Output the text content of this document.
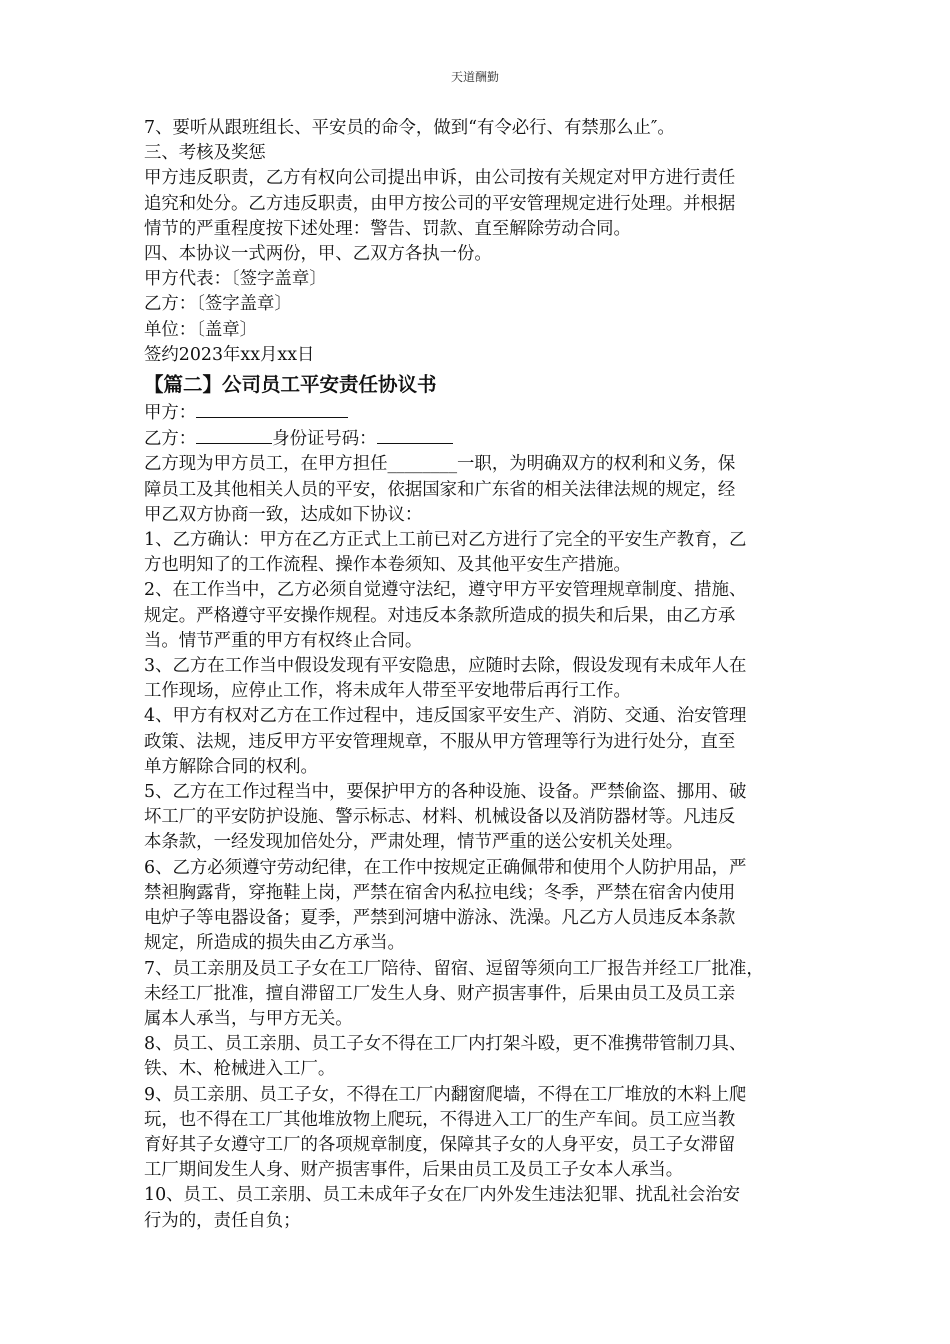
天道酬勤

7、要听从跟班组长、平安员的命令，做到“有令必行、有禁那么止″。

三、考核及奖惩

甲方违反职责，乙方有权向公司提出申诉，由公司按有关规定对甲方进行责任

追究和处分。乙方违反职责，由甲方按公司的平安管理规定进行处理。并根据

情节的严重程度按下述处理：警告、罚款、直至解除劳动合同。

四、本协议一式两份，甲、乙双方各执一份。

甲方代表：〔签字盖章〕

乙方：〔签字盖章〕

单位：〔盖章〕

签约2023年xx月xx日

【篇二】公司员工平安责任协议书

甲方：

乙方：	身份证号码：

乙方现为甲方员工，在甲方担任________一职，为明确双方的权利和义务，保

障员工及其他相关人员的平安，依据国家和广东省的相关法律法规的规定，经

甲乙双方协商一致，达成如下协议：

1、乙方确认：甲方在乙方正式上工前已对乙方进行了完全的平安生产教育，乙

方也明知了的工作流程、操作本卷须知、及其他平安生产措施。

2、在工作当中，乙方必须自觉遵守法纪，遵守甲方平安管理规章制度、措施、

规定。严格遵守平安操作规程。对违反本条款所造成的损失和后果，由乙方承

当。情节严重的甲方有权终止合同。

3、乙方在工作当中假设发现有平安隐患，应随时去除，假设发现有未成年人在

工作现场，应停止工作，将未成年人带至平安地带后再行工作。

4、甲方有权对乙方在工作过程中，违反国家平安生产、消防、交通、治安管理

政策、法规，违反甲方平安管理规章，不服从甲方管理等行为进行处分，直至

单方解除合同的权利。

5、乙方在工作过程当中，要保护甲方的各种设施、设备。严禁偷盗、挪用、破

坏工厂的平安防护设施、警示标志、材料、机械设备以及消防器材等。凡违反

本条款，一经发现加倍处分，严肃处理，情节严重的送公安机关处理。

6、乙方必须遵守劳动纪律，在工作中按规定正确佩带和使用个人防护用品，严

禁袒胸露背，穿拖鞋上岗，严禁在宿舍内私拉电线；冬季，严禁在宿舍内使用

电炉子等电器设备；夏季，严禁到河塘中游泳、洗澡。凡乙方人员违反本条款

规定，所造成的损失由乙方承当。

7、员工亲朋及员工子女在工厂陪待、留宿、逗留等须向工厂报告并经工厂批准，

未经工厂批准，擅自滞留工厂发生人身、财产损害事件，后果由员工及员工亲

属本人承当，与甲方无关。

8、员工、员工亲朋、员工子女不得在工厂内打架斗殴，更不准携带管制刀具、

铁、木、枪械进入工厂。

9、员工亲朋、员工子女，不得在工厂内翻窗爬墙，不得在工厂堆放的木料上爬

玩，也不得在工厂其他堆放物上爬玩，不得进入工厂的生产车间。员工应当教

育好其子女遵守工厂的各项规章制度，保障其子女的人身平安，员工子女滞留

工厂期间发生人身、财产损害事件，后果由员工及员工子女本人承当。

10、员工、员工亲朋、员工未成年子女在厂内外发生违法犯罪、扰乱社会治安

行为的，责任自负；
